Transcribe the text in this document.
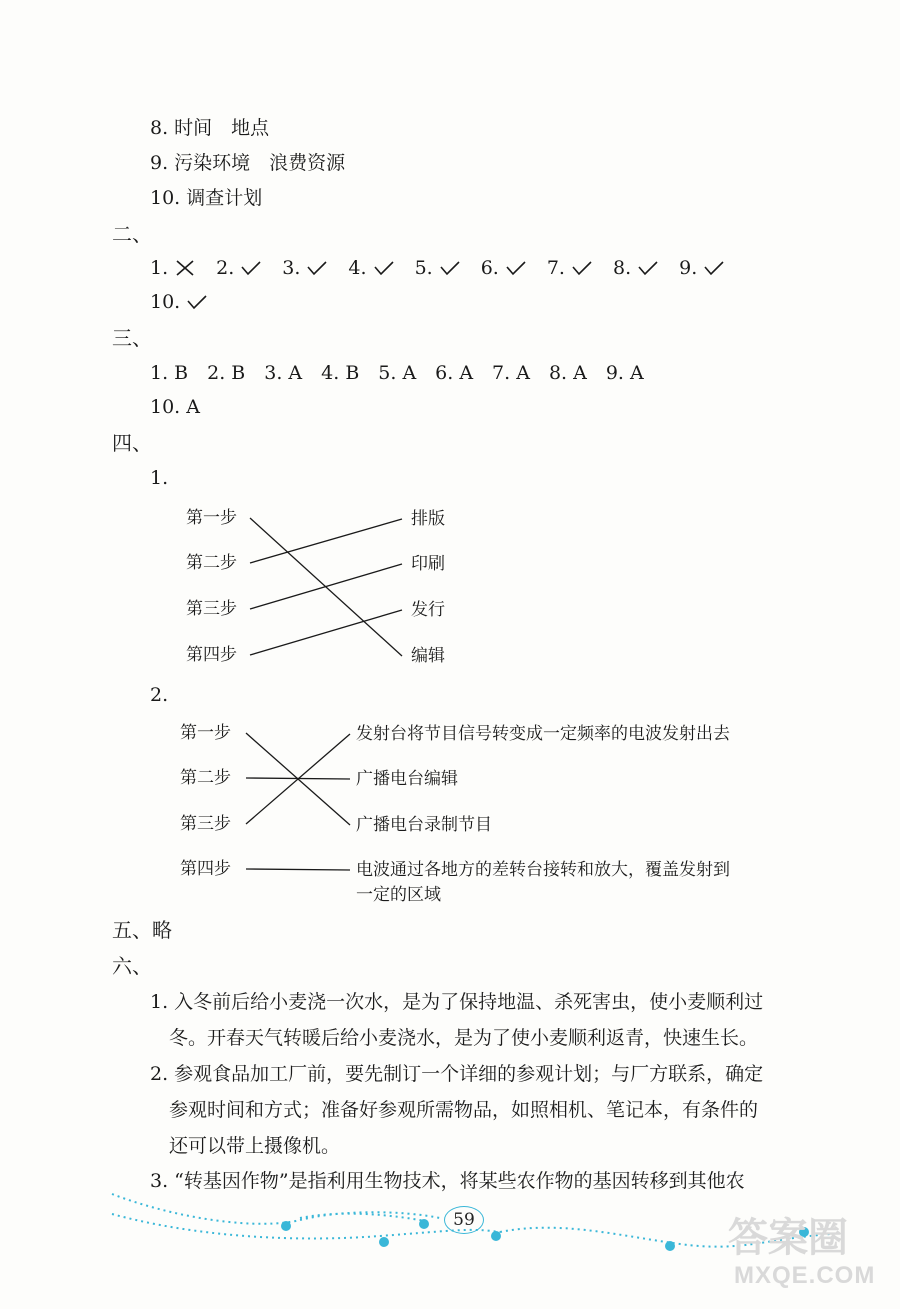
8. 时间　地点
9. 污染环境　浪费资源
10. 调查计划
二、
1.	2.	3.	4.	5.	6.	7.	8.	9.
10.
三、
1. B　2. B　3. A　4. B　5. A　6. A　7. A　8. A　9. A
10. A
四、
1.
第一步
第二步
第三步
第四步
排版
印刷
发行
编辑
2.
第一步
第二步
第三步
第四步
发射台将节目信号转变成一定频率的电波发射出去
广播电台编辑
广播电台录制节目
电波通过各地方的差转台接转和放大，覆盖发射到
一定的区域
五、略
六、
1. 入冬前后给小麦浇一次水，是为了保持地温、杀死害虫，使小麦顺利过
　冬。开春天气转暖后给小麦浇水，是为了使小麦顺利返青，快速生长。
2. 参观食品加工厂前，要先制订一个详细的参观计划；与厂方联系，确定
　参观时间和方式；准备好参观所需物品，如照相机、笔记本，有条件的
　还可以带上摄像机。
3. “转基因作物”是指利用生物技术，将某些农作物的基因转移到其他农
59	答案圈
MXQE.COM
